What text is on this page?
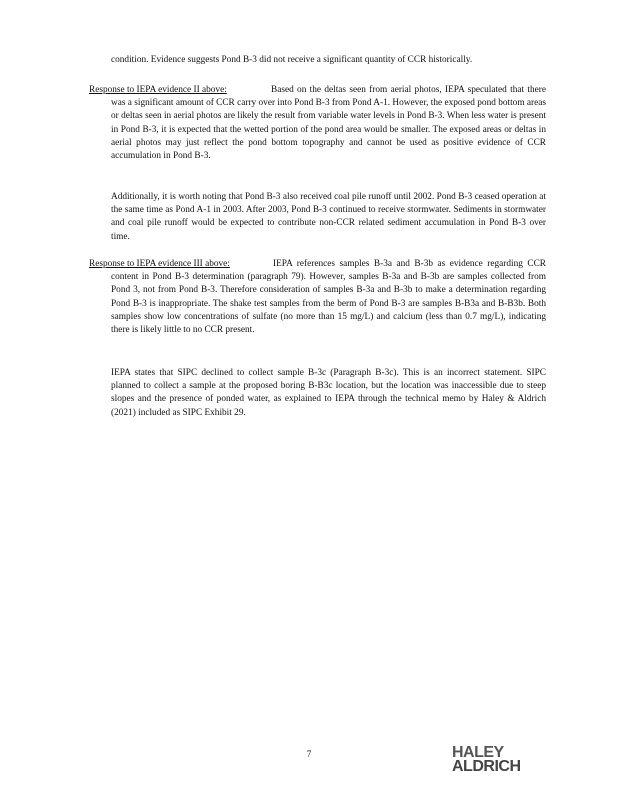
condition. Evidence suggests Pond B-3 did not receive a significant quantity of CCR historically.

Response to IEPA evidence II above:	Based on the deltas seen from aerial photos, IEPA speculated that there was a significant amount of CCR carry over into Pond B-3 from Pond A-1. However, the exposed pond bottom areas or deltas seen in aerial photos are likely the result from variable water levels in Pond B-3. When less water is present in Pond B-3, it is expected that the wetted portion of the pond area would be smaller. The exposed areas or deltas in aerial photos may just reflect the pond bottom topography and cannot be used as positive evidence of CCR accumulation in Pond B-3.

Additionally, it is worth noting that Pond B-3 also received coal pile runoff until 2002. Pond B-3 ceased operation at the same time as Pond A-1 in 2003. After 2003, Pond B-3 continued to receive stormwater. Sediments in stormwater and coal pile runoff would be expected to contribute non-CCR related sediment accumulation in Pond B-3 over time.

Response to IEPA evidence III above:	IEPA references samples B-3a and B-3b as evidence regarding CCR content in Pond B-3 determination (paragraph 79). However, samples B-3a and B-3b are samples collected from Pond 3, not from Pond B-3. Therefore consideration of samples B-3a and B-3b to make a determination regarding Pond B-3 is inappropriate. The shake test samples from the berm of Pond B-3 are samples B-B3a and B-B3b. Both samples show low concentrations of sulfate (no more than 15 mg/L) and calcium (less than 0.7 mg/L), indicating there is likely little to no CCR present.

IEPA states that SIPC declined to collect sample B-3c (Paragraph B-3c). This is an incorrect statement. SIPC planned to collect a sample at the proposed boring B-B3c location, but the location was inaccessible due to steep slopes and the presence of ponded water, as explained to IEPA through the technical memo by Haley & Aldrich (2021) included as SIPC Exhibit 29.

7	HALEY
ALDRICH
